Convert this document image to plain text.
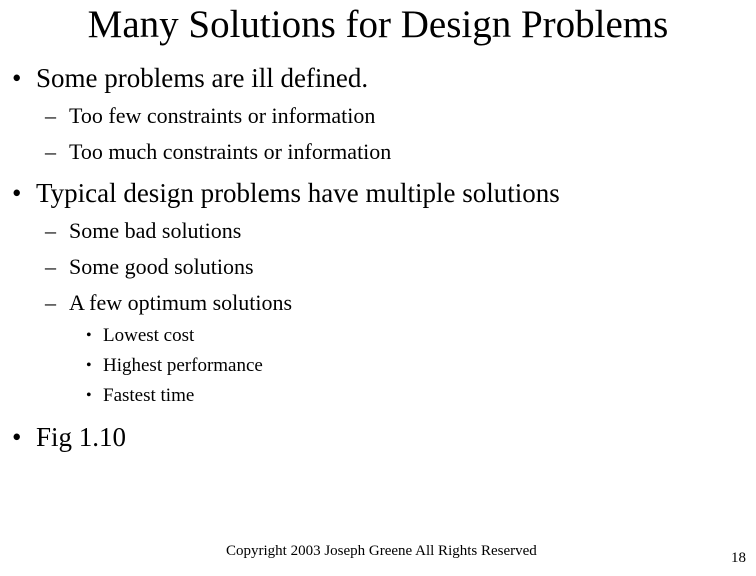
Many Solutions for Design Problems
• Some problems are ill defined.
– Too few constraints or information
– Too much constraints or information
• Typical design problems have multiple solutions
– Some bad solutions
– Some good solutions
– A few optimum solutions
• Lowest cost
• Highest performance
• Fastest time
• Fig 1.10
Copyright 2003 Joseph Greene All Rights Reserved	18
